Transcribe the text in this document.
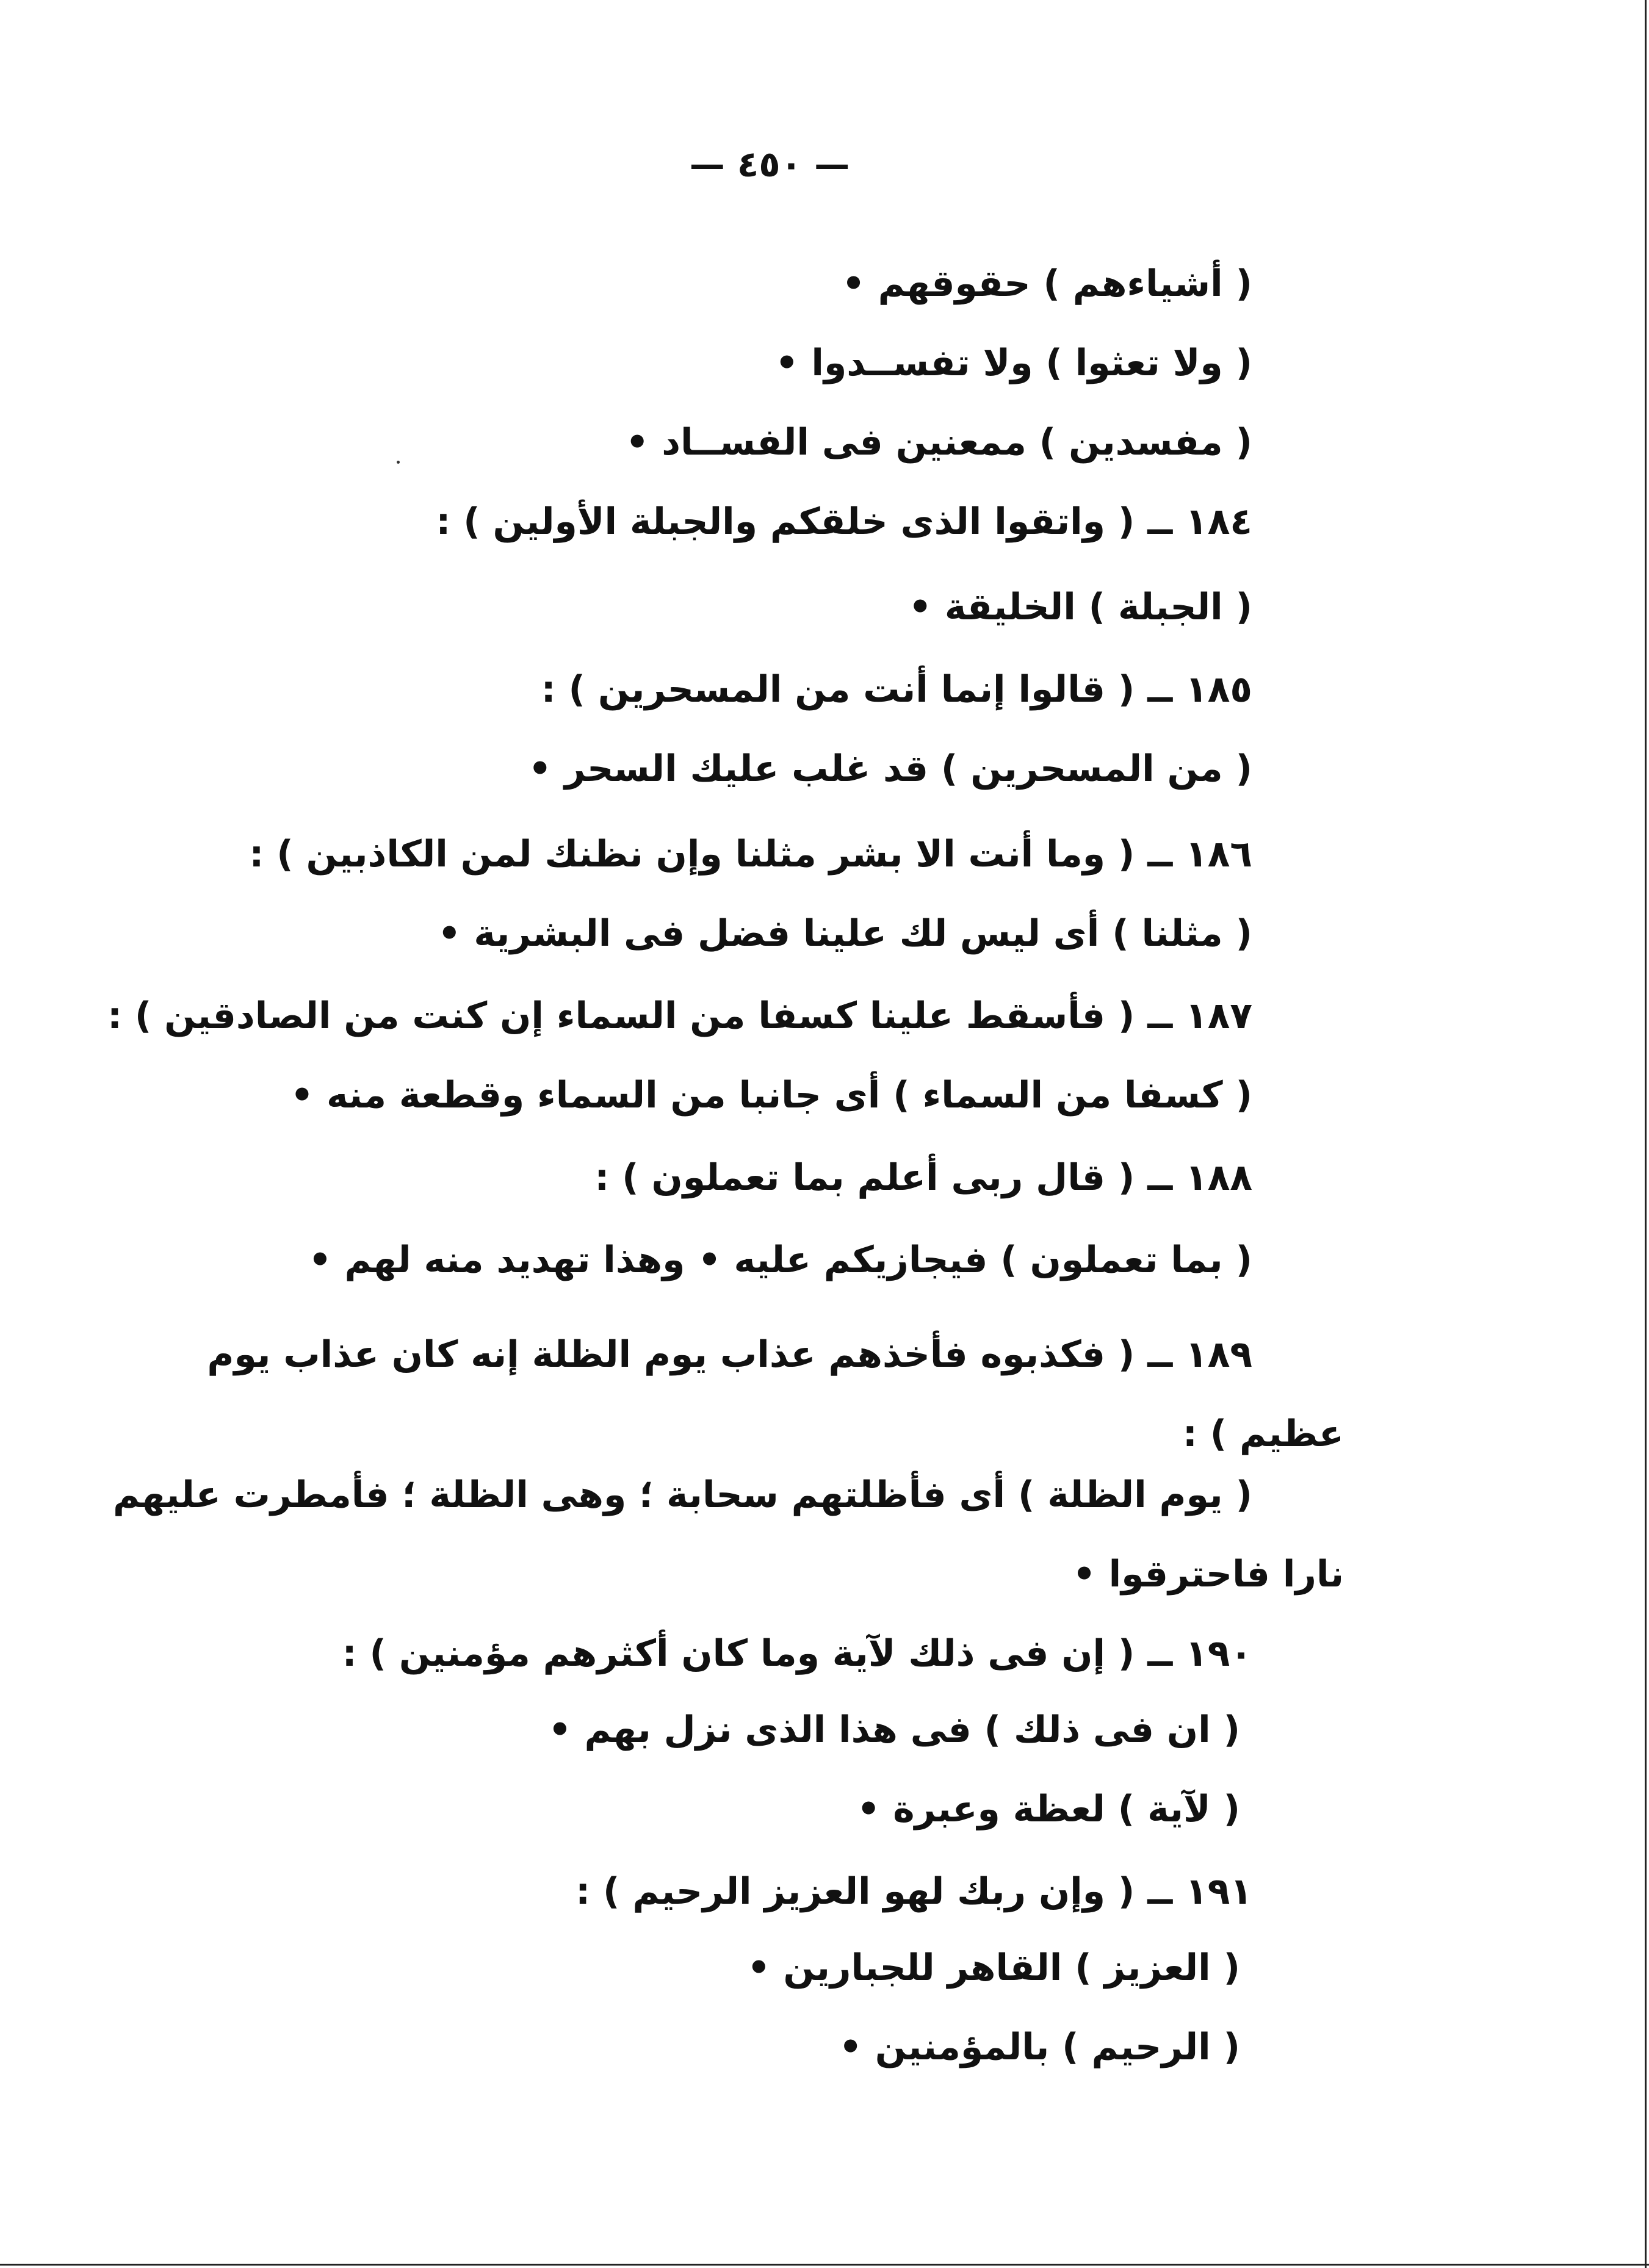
— ٤٥٠ —
( أشياءهم ) حقوقهم •
( ولا تعثوا ) ولا تفســدوا •
( مفسدين ) ممعنين فى الفســاد •
١٨٤ ــ ( واتقوا الذى خلقكم والجبلة الأولين ) :
( الجبلة ) الخليقة •
١٨٥ ــ ( قالوا إنما أنت من المسحرين ) :
( من المسحرين ) قد غلب عليك السحر •
١٨٦ ــ ( وما أنت الا بشر مثلنا وإن نظنك لمن الكاذبين ) :
( مثلنا ) أى ليس لك علينا فضل فى البشرية •
١٨٧ ــ ( فأسقط علينا كسفا من السماء إن كنت من الصادقين ) :
( كسفا من السماء ) أى جانبا من السماء وقطعة منه •
١٨٨ ــ ( قال ربى أعلم بما تعملون ) :
( بما تعملون ) فيجازيكم عليه • وهذا تهديد منه لهم •
١٨٩ ــ ( فكذبوه فأخذهم عذاب يوم الظلة إنه كان عذاب يوم
عظيم ) :
( يوم الظلة ) أى فأظلتهم سحابة ؛ وهى الظلة ؛ فأمطرت عليهم
نارا فاحترقوا •
١٩٠ ــ ( إن فى ذلك لآية وما كان أكثرهم مؤمنين ) :
( ان فى ذلك ) فى هذا الذى نزل بهم •
( لآية ) لعظة وعبرة •
١٩١ ــ ( وإن ربك لهو العزيز الرحيم ) :
( العزيز ) القاهر للجبارين •
( الرحيم ) بالمؤمنين •
